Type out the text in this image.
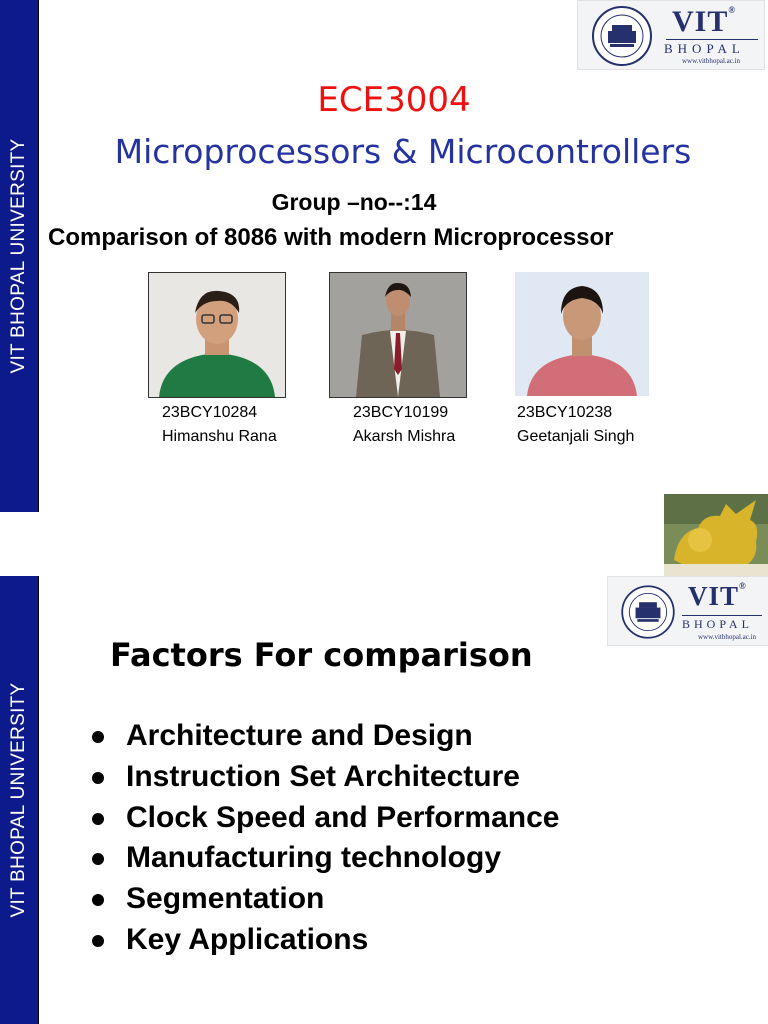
VIT BHOPAL UNIVERSITY
VIT®
BHOPAL
www.vitbhopal.ac.in
ECE3004
Microprocessors & Microcontrollers
Group –no--:14
Comparison of 8086 with modern Microprocessor
23BCY10284
Himanshu Rana
23BCY10199
Akarsh Mishra
23BCY10238
Geetanjali Singh
VIT BHOPAL UNIVERSITY
VIT®
BHOPAL
www.vitbhopal.ac.in
Factors For comparison
Architecture and Design
Instruction Set Architecture
Clock Speed and Performance
Manufacturing technology
Segmentation
Key Applications
